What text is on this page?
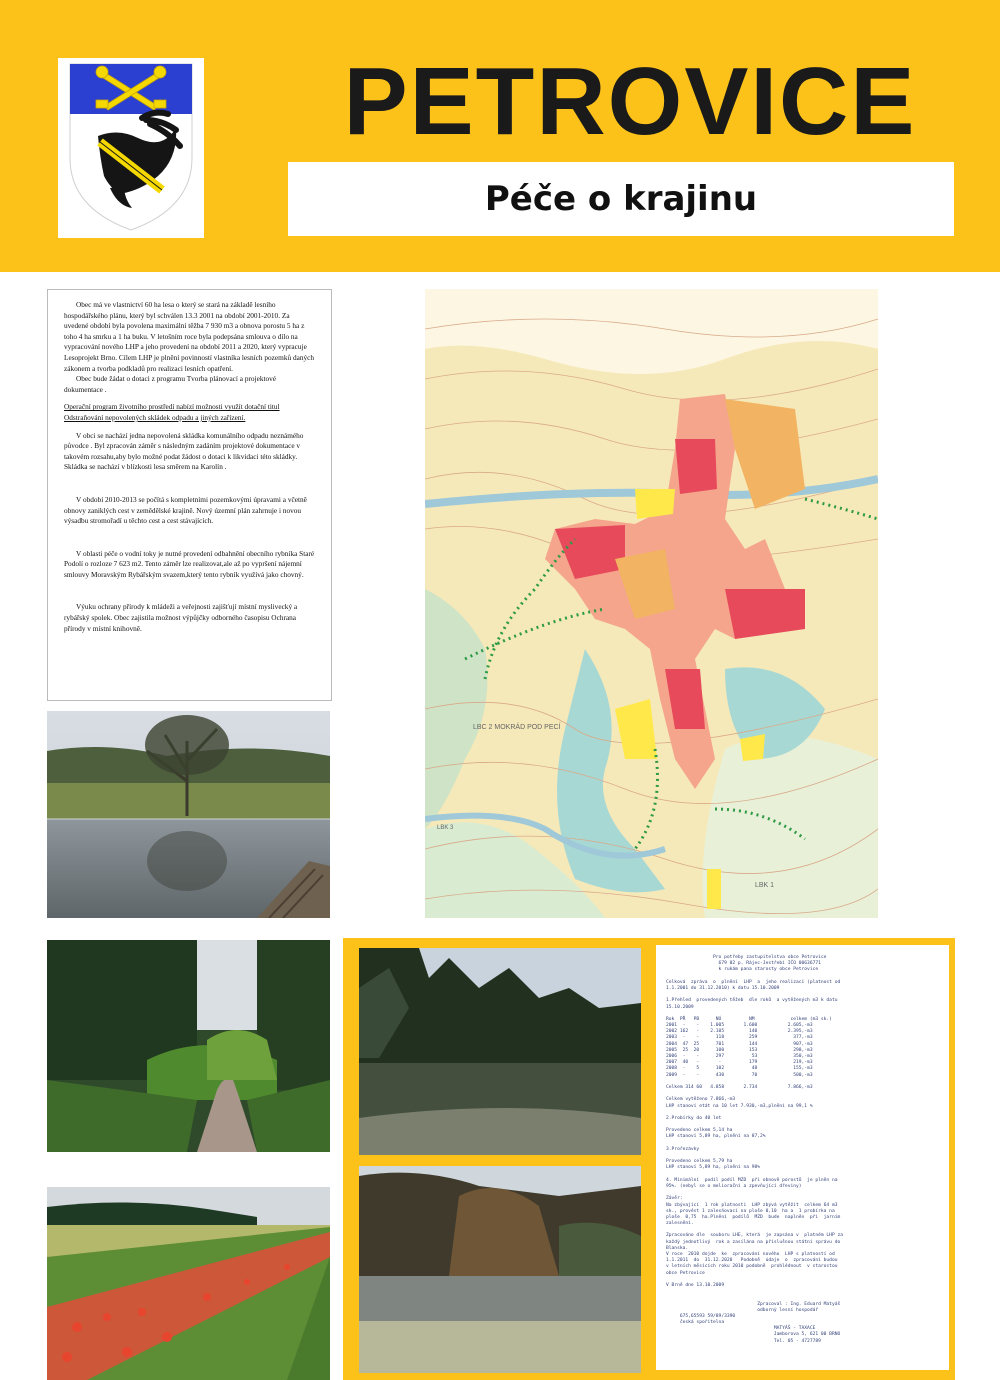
PETROVICE
Péče o krajinu

Obec má ve vlastnictví 60 ha lesa o který se stará na základě lesního hospodářského plánu, který byl schválen 13.3 2001 na období 2001-2010. Za uvedené období byla povolena maximální těžba 7 930 m3 a obnova porostu 5 ha z toho 4 ha smrku a 1 ha buku. V letošním roce byla podepsána smlouva o dílo na vypracování nového LHP a jeho provedení na období 2011 a 2020, který vypracuje Lesoprojekt Brno. Cílem LHP je plnění povinností vlastníka lesních pozemků daných zákonem a tvorba podkladů pro realizaci lesních opatření.

Obec bude žádat o dotaci z programu Tvorba plánovací a projektové dokumentace .

Operační program životního prostředí nabízí možnosti využít dotační titul Odstraňování nepovolených skládek odpadu a jiných zařízení.

V obci se nachází jedna nepovolená skládka komunálního odpadu neznámého původce . Byl zpracován záměr s následným zadáním projektové dokumentace v takovém rozsahu,aby bylo možné podat žádost o dotaci k likvidaci této skládky. Skládka se nachází v blízkosti lesa směrem na Karolín .

V období 2010-2013 se počítá s kompletními pozemkovými úpravami a včetně obnovy zaniklých cest v zemědělské krajině. Nový územní plán zahrnuje i novou výsadbu stromořadí u těchto cest a cest stávajících.

V oblasti péče o vodní toky je nutné provedení odbahnění obecního rybníka Staré Podolí o rozloze 7 623 m2. Tento záměr lze realizovat,ale až po vypršení nájemní smlouvy Moravským Rybářským svazem,který tento rybník využívá jako chovný.

Výuku ochrany přírody k mládeži a veřejnosti zajišťují místní myslivecký a rybářský spolek. Obec zajistila možnost výpůjčky odborného časopisu Ochrana přírody v místní knihovně.

LBC 2 MOKRÁD POD PECÍ
LBK 1
LBK 3
Pro potřeby zastupitelstva obce Petrovice
679 02 p. Rájec-Jestřebí IČO 00636771
k rukám pana starosty obce Petrovice
Celková  zpráva  o  plnění  LHP  a  jeho realizaci (platnost od
1.1.2001 do 31.12.2010) k datu 15.10.2009
1.Přehled  provedených těžeb  dle roků  a vytěžených m3 k datu
15.10.2009
Rok  PŘ   PB      NÚ          NM             celkem (m3 sk.)
2001  -    -    1.005       1.600           2.605,-m3
2002 162   -    2.105         140           2.395,-m3
2003  -    -      118         259             377,-m3
2004  47  25      701         144             907,-m3
2005  25  20      100         153             298,-m3
2006  -    -      297          53             350,-m3
2007  40   -       -          179             219,-m3
2008  -    5      102          48             155,-m3
2009  -    -      430          70             500,-m3
Celkem 314 60   4.858       2.734           7.866,-m3
Celkem vytěženo 7.866,-m3
LHP stanoví etát na 10 let 7.930,-m3,plnění na 99,1 %
2.Probírky do 40 let
Provedeno celkem 5,14 ha
LHP stanoví 5,89 ha, plnění na 87,2%
3.Prořezávky
Provedeno celkem 5,79 ha
LHP stanoví 5,89 ha, plnění na 98%
4. Minimální  podíl podíl MZD  při obnově porostů  je plněn na
95%. (nebyl se o meliorační a zpevňující dřeviny)
Závěr:
Na zbývající  1 rok platnosti  LHP zbývá vytěžit  celkem 64 m3
sk., provést 1 zalesňovací na ploše 0,10  ha a  1 probírka na
ploše  0,75  ha.Plnění  podílů  MZD  bude  naplněn  při  jarním
zalesnění.
Zpracováno dle  souboru LHE, která  je zapsána v  platném LHP za
každý jednotlivý  rok a zasílána na příslušnou státní správu do
Blanska.
V roce  2010 dojde  ke  zpracování nového  LHP s platností od
1.1.2011  do  31.12.2020   Podobně  údaje  o  zpracování budou
v letních měsících roku 2010 podobně  prohlédnout  v starostou
obce Petrovice
V Brně dne 13.10.2009
Zpracoval : Ing. Eduard Matyáš
odborný lesní hospodář
675,65593 59/89/3390
česká spořitelna
MATYÁŠ - TAXACE
Jamborova 5, 621 00 BRNO
Tel. 05 - 4727789
